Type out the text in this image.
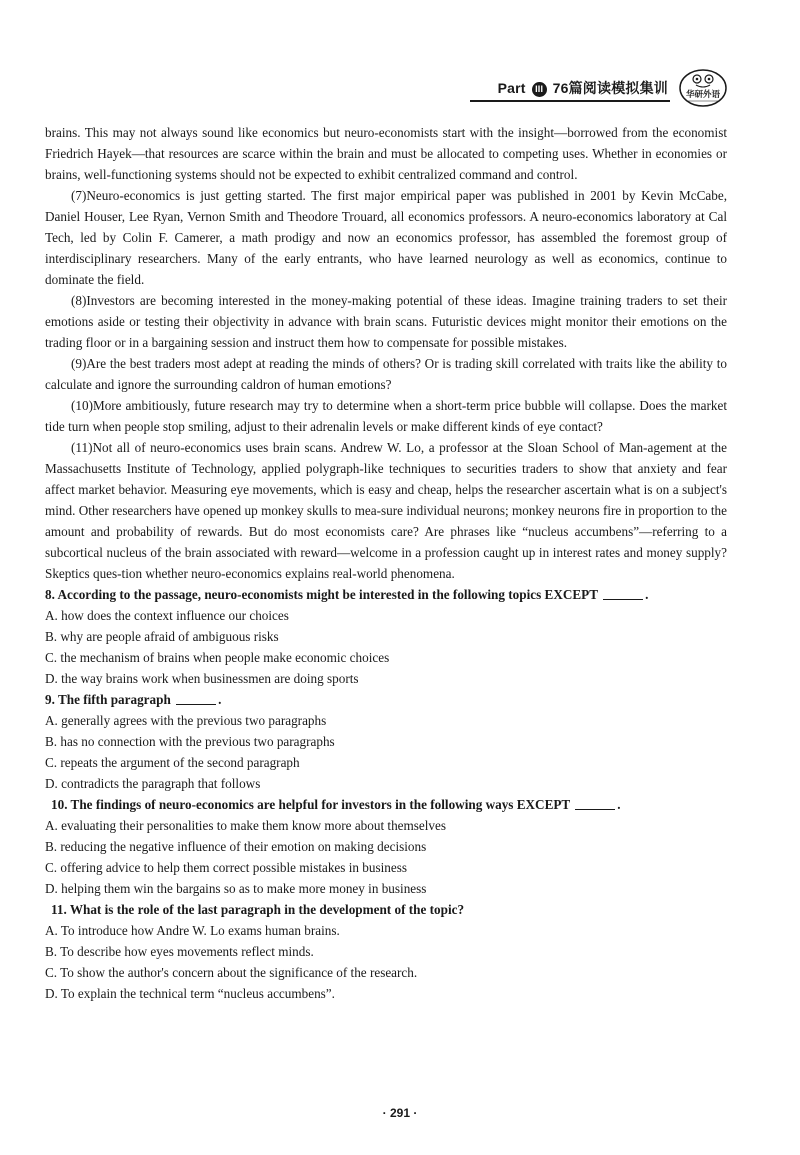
Part III 76篇阅读模拟集训 华研外语

brains. This may not always sound like economics but neuro-economists start with the insight—borrowed from the economist Friedrich Hayek—that resources are scarce within the brain and must be allocated to competing uses. Whether in economies or brains, well-functioning systems should not be expected to exhibit centralized command and control.

(7)Neuro-economics is just getting started. The first major empirical paper was published in 2001 by Kevin McCabe, Daniel Houser, Lee Ryan, Vernon Smith and Theodore Trouard, all economics professors. A neuro-economics laboratory at Cal Tech, led by Colin F. Camerer, a math prodigy and now an economics professor, has assembled the foremost group of interdisciplinary researchers. Many of the early entrants, who have learned neurology as well as economics, continue to dominate the field.

(8)Investors are becoming interested in the money-making potential of these ideas. Imagine training traders to set their emotions aside or testing their objectivity in advance with brain scans. Futuristic devices might monitor their emotions on the trading floor or in a bargaining session and instruct them how to compensate for possible mistakes.

(9)Are the best traders most adept at reading the minds of others? Or is trading skill correlated with traits like the ability to calculate and ignore the surrounding caldron of human emotions?

(10)More ambitiously, future research may try to determine when a short-term price bubble will collapse. Does the market tide turn when people stop smiling, adjust to their adrenalin levels or make different kinds of eye contact?

(11)Not all of neuro-economics uses brain scans. Andrew W. Lo, a professor at the Sloan School of Man-agement at the Massachusetts Institute of Technology, applied polygraph-like techniques to securities traders to show that anxiety and fear affect market behavior. Measuring eye movements, which is easy and cheap, helps the researcher ascertain what is on a subject's mind. Other researchers have opened up monkey skulls to mea-sure individual neurons; monkey neurons fire in proportion to the amount and probability of rewards. But do most economists care? Are phrases like “nucleus accumbens”—referring to a subcortical nucleus of the brain associated with reward—welcome in a profession caught up in interest rates and money supply? Skeptics ques-tion whether neuro-economics explains real-world phenomena.

8. According to the passage, neuro-economists might be interested in the following topics EXCEPT	.

A. how does the context influence our choices

B. why are people afraid of ambiguous risks

C. the mechanism of brains when people make economic choices

D. the way brains work when businessmen are doing sports

9. The fifth paragraph	.

A. generally agrees with the previous two paragraphs

B. has no connection with the previous two paragraphs

C. repeats the argument of the second paragraph

D. contradicts the paragraph that follows

10. The findings of neuro-economics are helpful for investors in the following ways EXCEPT	.

A. evaluating their personalities to make them know more about themselves

B. reducing the negative influence of their emotion on making decisions

C. offering advice to help them correct possible mistakes in business

D. helping them win the bargains so as to make more money in business

11. What is the role of the last paragraph in the development of the topic?

A. To introduce how Andre W. Lo exams human brains.

B. To describe how eyes movements reflect minds.

C. To show the author's concern about the significance of the research.

D. To explain the technical term “nucleus accumbens”.

· 291 ·
